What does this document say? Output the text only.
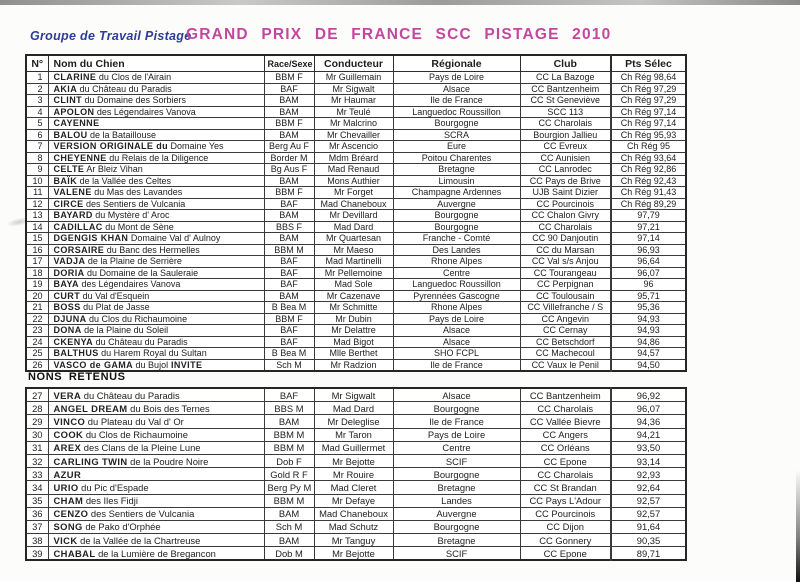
Groupe de Travail Pistage
GRAND PRIX DE FRANCE SCC PISTAGE 2010
N°	Nom du Chien	Race/Sexe	Conducteur	Régionale	Club	Pts Sélec
1	CLARINE du Clos de l'Airain	BBM F	Mr Guillemain	Pays de Loire	CC La Bazoge	Ch Rég 98,64
2	AKIA du Château du Paradis	BAF	Mr Sigwalt	Alsace	CC Bantzenheim	Ch Rég 97,29
3	CLINT du Domaine des Sorbiers	BAM	Mr Haumar	Ile de France	CC St Geneviève	Ch Rég 97,29
4	APOLON des Légendaires Vanova	BAM	Mr Teulé	Languedoc Roussillon	SCC 113	Ch Rég 97,14
5	CAYENNE	BBM F	Mr Malcrino	Bourgogne	CC Charolais	Ch Rég 97,14
6	BALOU de la Bataillouse	BAM	Mr Chevailler	SCRA	Bourgion Jallieu	Ch Rég 95,93
7	VERSION ORIGINALE du Domaine Yes	Berg Au F	Mr Ascencio	Eure	CC Evreux	Ch Rég 95
8	CHEYENNE du Relais de la Diligence	Border M	Mdm Bréard	Poitou Charentes	CC Aunisien	Ch Rég 93,64
9	CELTE Ar Bleiz Vihan	Bg Aus F	Mad Renaud	Bretagne	CC Lanrodec	Ch Rég 92,86
10	BAÏK de la Vallée des Celtes	BAM	Mons Authier	Limousin	CC Pays de Brive	Ch Rég 92,43
11	VALENE du Mas des Lavandes	BBM F	Mr Forget	Champagne Ardennes	UJB Saint Dizier	Ch Rég 91,43
12	CIRCE des Sentiers de Vulcania	BAF	Mad Chaneboux	Auvergne	CC Pourcinois	Ch Rég 89,29
13	BAYARD du Mystère d' Aroc	BAM	Mr Devillard	Bourgogne	CC Chalon Givry	97,79
14	CADILLAC du Mont de Sène	BBS F	Mad Dard	Bourgogne	CC Charolais	97,21
15	DGENGIS KHAN Domaine Val d' Aulnoy	BAM	Mr Quartesan	Franche - Comté	CC 90 Danjoutin	97,14
16	CORSAIRE du Banc des Hermelles	BBM M	Mr Maeso	Des Landes	CC du Marsan	96,93
17	VADJA de la Plaine de Serrière	BAF	Mad Martinelli	Rhone Alpes	CC Val s/s Anjou	96,64
18	DORIA du Domaine de la Sauleraie	BAF	Mr Pellemoine	Centre	CC Tourangeau	96,07
19	BAYA des Légendaires Vanova	BAF	Mad Sole	Languedoc Roussillon	CC Perpignan	96
20	CURT du Val d'Esquein	BAM	Mr Cazenave	Pyrennées Gascogne	CC Toulousain	95,71
21	BOSS du Plat de Jasse	B Bea M	Mr Schmitte	Rhone Alpes	CC Villefranche / S	95,36
22	DJUNA du Clos du Richaumoine	BBM F	Mr Dubin	Pays de Loire	CC Angevin	94,93
23	DONA de la Plaine du Soleil	BAF	Mr Delattre	Alsace	CC Cernay	94,93
24	CKENYA du Château du Paradis	BAF	Mad Bigot	Alsace	CC Betschdorf	94,86
25	BALTHUS du Harem Royal du Sultan	B Bea M	Mlle Berthet	SHO FCPL	CC Machecoul	94,57
26	VASCO de GAMA du Bujol INVITE	Sch M	Mr Radzion	Ile de France	CC Vaux le Penil	94,50
NONS RETENUS
27	VERA du Château du Paradis	BAF	Mr Sigwalt	Alsace	CC Bantzenheim	96,92
28	ANGEL DREAM du Bois des Ternes	BBS M	Mad Dard	Bourgogne	CC Charolais	96,07
29	VINCO du Plateau du Val d' Or	BAM	Mr Deleglise	Ile de France	CC Vallée Bievre	94,36
30	COOK du Clos de Richaumoine	BBM M	Mr Taron	Pays de Loire	CC Angers	94,21
31	AREX des Clans de la Pleine Lune	BBM M	Mad Guillermet	Centre	CC Orléans	93,50
32	CARLING TWIN de la Poudre Noire	Dob F	Mr Bejotte	SCIF	CC Epone	93,14
33	AZUR	Gold R F	Mr Rouire	Bourgogne	CC Charolais	92,93
34	URIO du Pic d'Espade	Berg Py M	Mad Cleret	Bretagne	CC St Brandan	92,64
35	CHAM des Iles Fidji	BBM M	Mr Defaye	Landes	CC Pays L'Adour	92,57
36	CENZO des Sentiers de Vulcania	BAM	Mad Chaneboux	Auvergne	CC Pourcinois	92,57
37	SONG de Pako d'Orphée	Sch M	Mad Schutz	Bourgogne	CC Dijon	91,64
38	VICK de la Vallée de la Chartreuse	BAM	Mr Tanguy	Bretagne	CC Gonnery	90,35
39	CHABAL de la Lumière de Bregancon	Dob M	Mr Bejotte	SCIF	CC Epone	89,71
